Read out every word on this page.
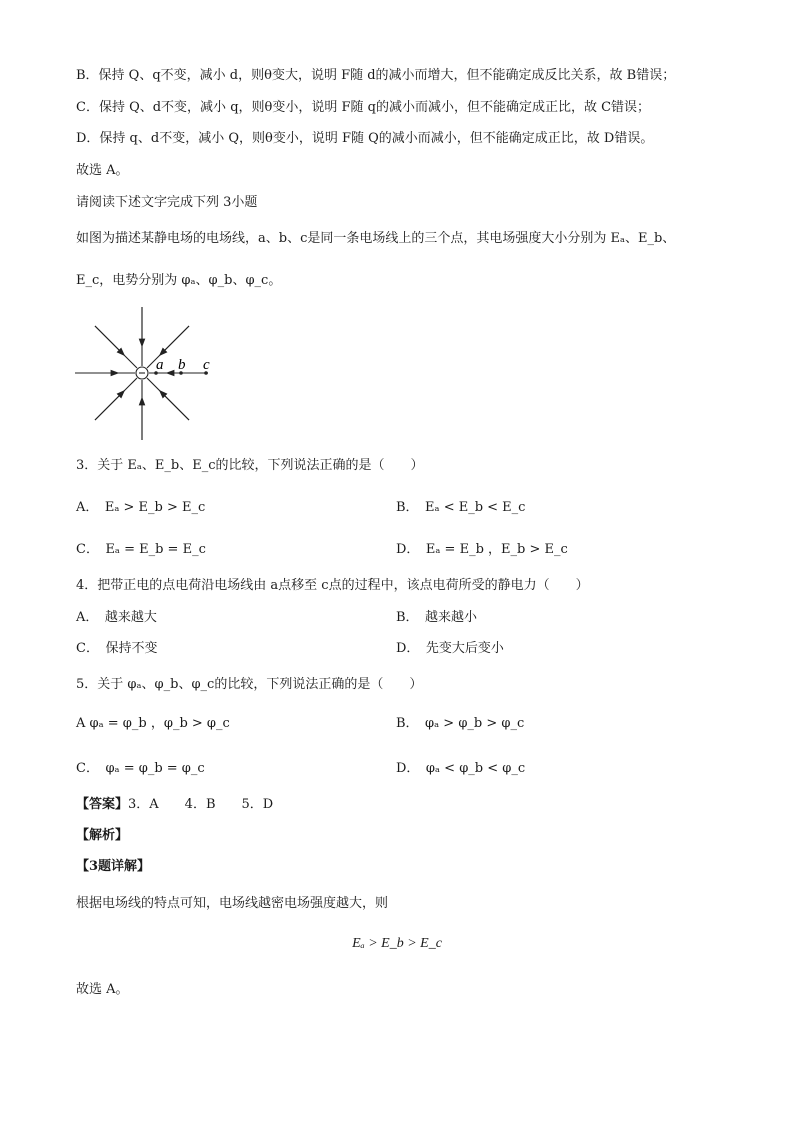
B．保持 Q、q不变，减小 d，则θ变大，说明 F随 d的减小而增大，但不能确定成反比关系，故 B错误；
C．保持 Q、d不变，减小 q，则θ变小，说明 F随 q的减小而减小，但不能确定成正比，故 C错误；
D．保持 q、d不变，减小 Q，则θ变小，说明 F随 Q的减小而减小，但不能确定成正比，故 D错误。
故选 A。
请阅读下述文字完成下列 3小题
如图为描述某静电场的电场线，a、b、c是同一条电场线上的三个点，其电场强度大小分别为 Eₐ、E_b、
E_c，电势分别为 φₐ、φ_b、φ_c。
a b c
3．关于 Eₐ、E_b、E_c的比较，下列说法正确的是（　　）
A．　Eₐ > E_b > E_c	B．　Eₐ < E_b < E_c
C．　Eₐ = E_b = E_c	D．　Eₐ = E_b ，E_b > E_c
4．把带正电的点电荷沿电场线由 a点移至 c点的过程中，该点电荷所受的静电力（　　）
A．　越来越大	B．　越来越小
C．　保持不变	D．　先变大后变小
5．关于 φₐ、φ_b、φ_c的比较，下列说法正确的是（　　）
A φₐ = φ_b ，φ_b > φ_c	B．　φₐ > φ_b > φ_c
C．　φₐ = φ_b = φ_c	D．　φₐ < φ_b < φ_c
【答案】3．A　　4．B　　5．D
【解析】
【3题详解】
根据电场线的特点可知，电场线越密电场强度越大，则
Eₐ > E_b > E_c
故选 A。
